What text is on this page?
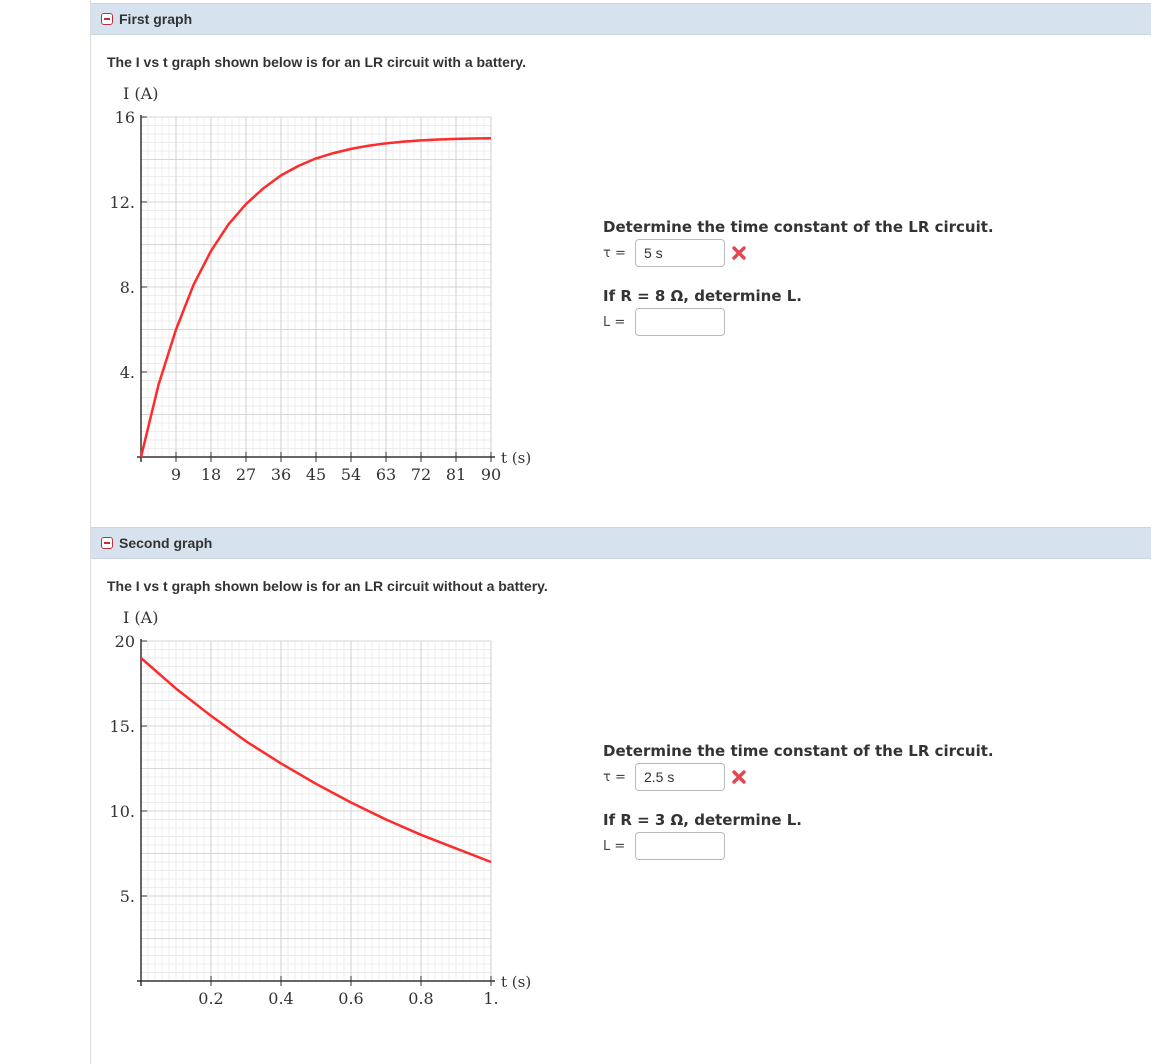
First graph
The I vs t graph shown below is for an LR circuit with a battery.
9 18 27 36 45 54 63 72 81 90
4.
8.
12.
16
I (A)
t (s)
Determine the time constant of the LR circuit.
τ =	5 s
If R = 8 Ω, determine L.
L =
Second graph
The I vs t graph shown below is for an LR circuit without a battery.
0.2	0.4	0.6	0.8	1.
5.
10.
15.
20
I (A)
t (s)
Determine the time constant of the LR circuit.
τ =	2.5 s
If R = 3 Ω, determine L.
L =
